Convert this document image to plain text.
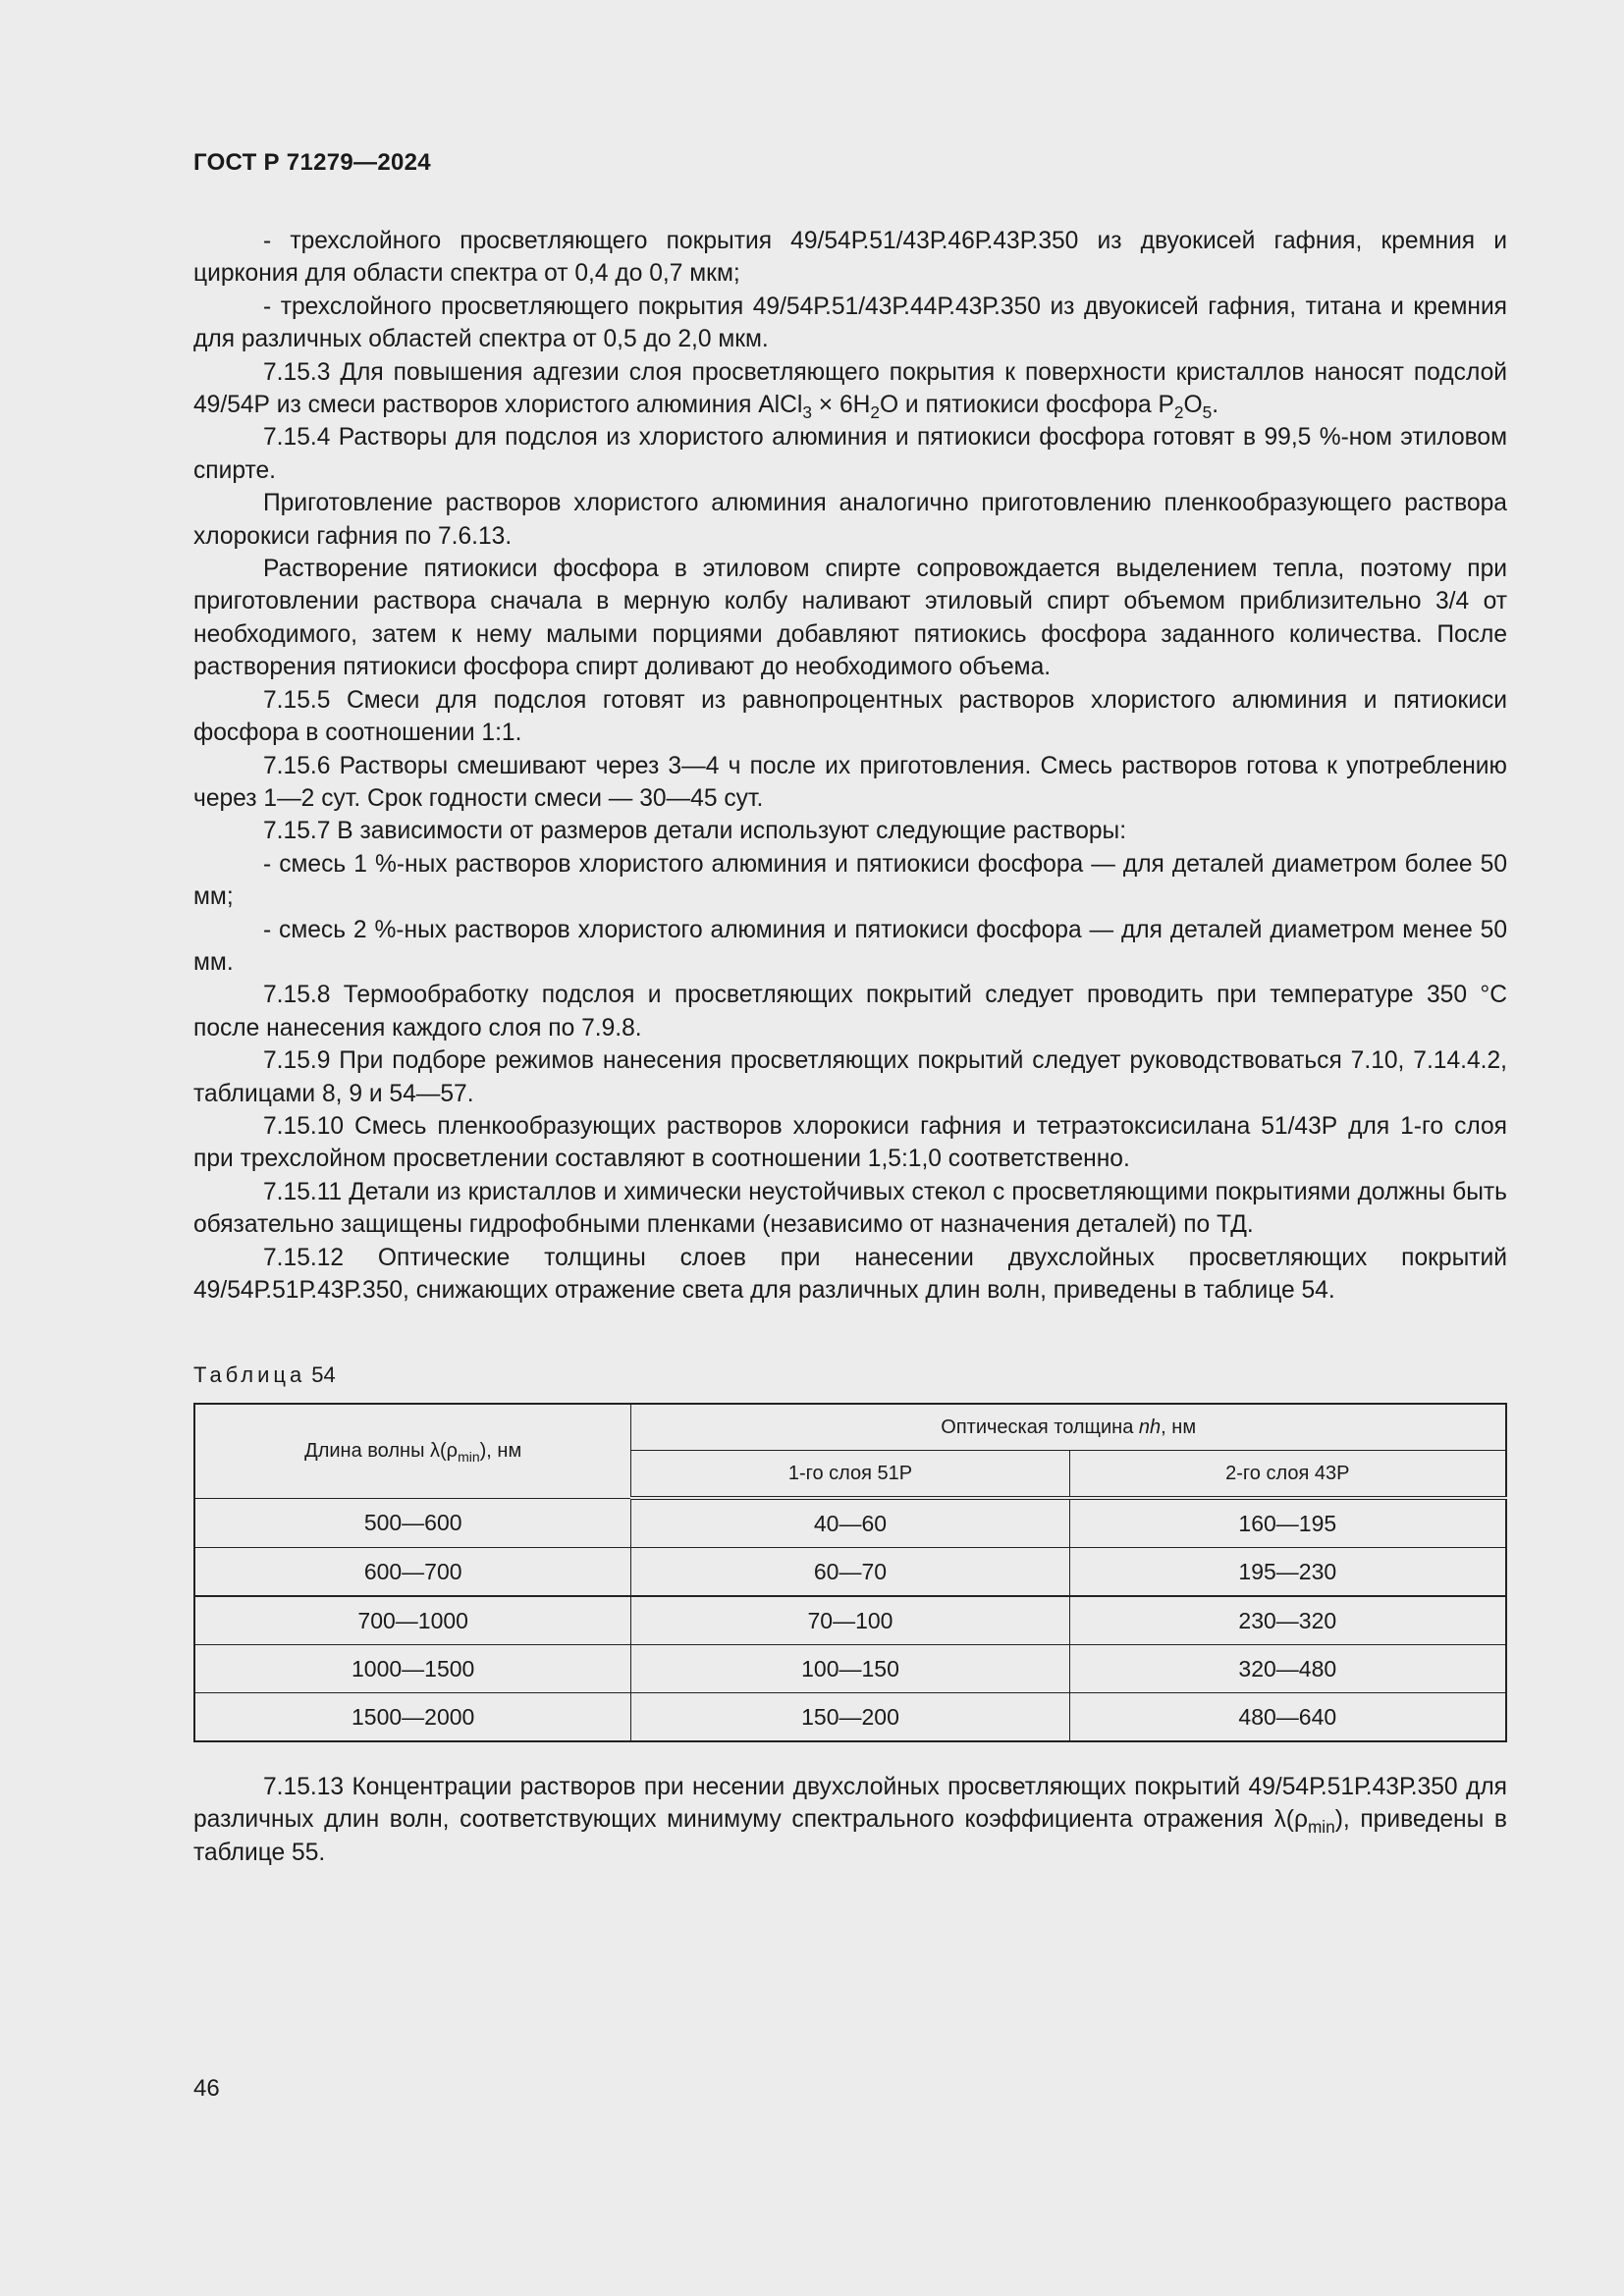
ГОСТ Р 71279—2024

- трехслойного просветляющего покрытия 49/54Р.51/43Р.46Р.43Р.350 из двуокисей гафния, кремния и циркония для области спектра от 0,4 до 0,7 мкм;

- трехслойного просветляющего покрытия 49/54Р.51/43Р.44Р.43Р.350 из двуокисей гафния, титана и кремния для различных областей спектра от 0,5 до 2,0 мкм.

7.15.3 Для повышения адгезии слоя просветляющего покрытия к поверхности кристаллов наносят подслой 49/54Р из смеси растворов хлористого алюминия AlCl$_3$ × $6H_2O$ и пятиокиси фосфора $P_2O_5$.

7.15.4 Растворы для подслоя из хлористого алюминия и пятиокиси фосфора готовят в 99,5 %-ном этиловом спирте.

Приготовление растворов хлористого алюминия аналогично приготовлению пленкообразующего раствора хлорокиси гафния по 7.6.13.

Растворение пятиокиси фосфора в этиловом спирте сопровождается выделением тепла, поэтому при приготовлении раствора сначала в мерную колбу наливают этиловый спирт объемом приблизительно 3/4 от необходимого, затем к нему малыми порциями добавляют пятиокись фосфора заданного количества. После растворения пятиокиси фосфора спирт доливают до необходимого объема.

7.15.5 Смеси для подслоя готовят из равнопроцентных растворов хлористого алюминия и пятиокиси фосфора в соотношении 1:1.

7.15.6 Растворы смешивают через 3—4 ч после их приготовления. Смесь растворов готова к употреблению через 1—2 сут. Срок годности смеси — 30—45 сут.

7.15.7 В зависимости от размеров детали используют следующие растворы:

- смесь 1 %-ных растворов хлористого алюминия и пятиокиси фосфора — для деталей диаметром более 50 мм;

- смесь 2 %-ных растворов хлористого алюминия и пятиокиси фосфора — для деталей диаметром менее 50 мм.

7.15.8 Термообработку подслоя и просветляющих покрытий следует проводить при температуре 350 °С после нанесения каждого слоя по 7.9.8.

7.15.9 При подборе режимов нанесения просветляющих покрытий следует руководствоваться 7.10, 7.14.4.2, таблицами 8, 9 и 54—57.

7.15.10 Смесь пленкообразующих растворов хлорокиси гафния и тетраэтоксисилана 51/43Р для 1-го слоя при трехслойном просветлении составляют в соотношении 1,5:1,0 соответственно.

7.15.11 Детали из кристаллов и химически неустойчивых стекол с просветляющими покрытиями должны быть обязательно защищены гидрофобными пленками (независимо от назначения деталей) по ТД.

7.15.12 Оптические толщины слоев при нанесении двухслойных просветляющих покрытий 49/54Р.51Р.43Р.350, снижающих отражение света для различных длин волн, приведены в таблице 54.

Таблица 54
Длина волны $\lambda(\rho_{min})$, нм	Оптическая толщина nh, нм	
	1-го слоя 51Р	2-го слоя 43Р
500—600	40—60	160—195
600—700	60—70	195—230
700—1000	70—100	230—320
1000—1500	100—150	320—480
1500—2000	150—200	480—640

7.15.13 Концентрации растворов при несении двухслойных просветляющих покрытий 49/54Р.51Р.43Р.350 для различных длин волн, соответствующих минимуму спектрального коэффициента отражения $\lambda(\rho_{min})$, приведены в таблице 55.

46
